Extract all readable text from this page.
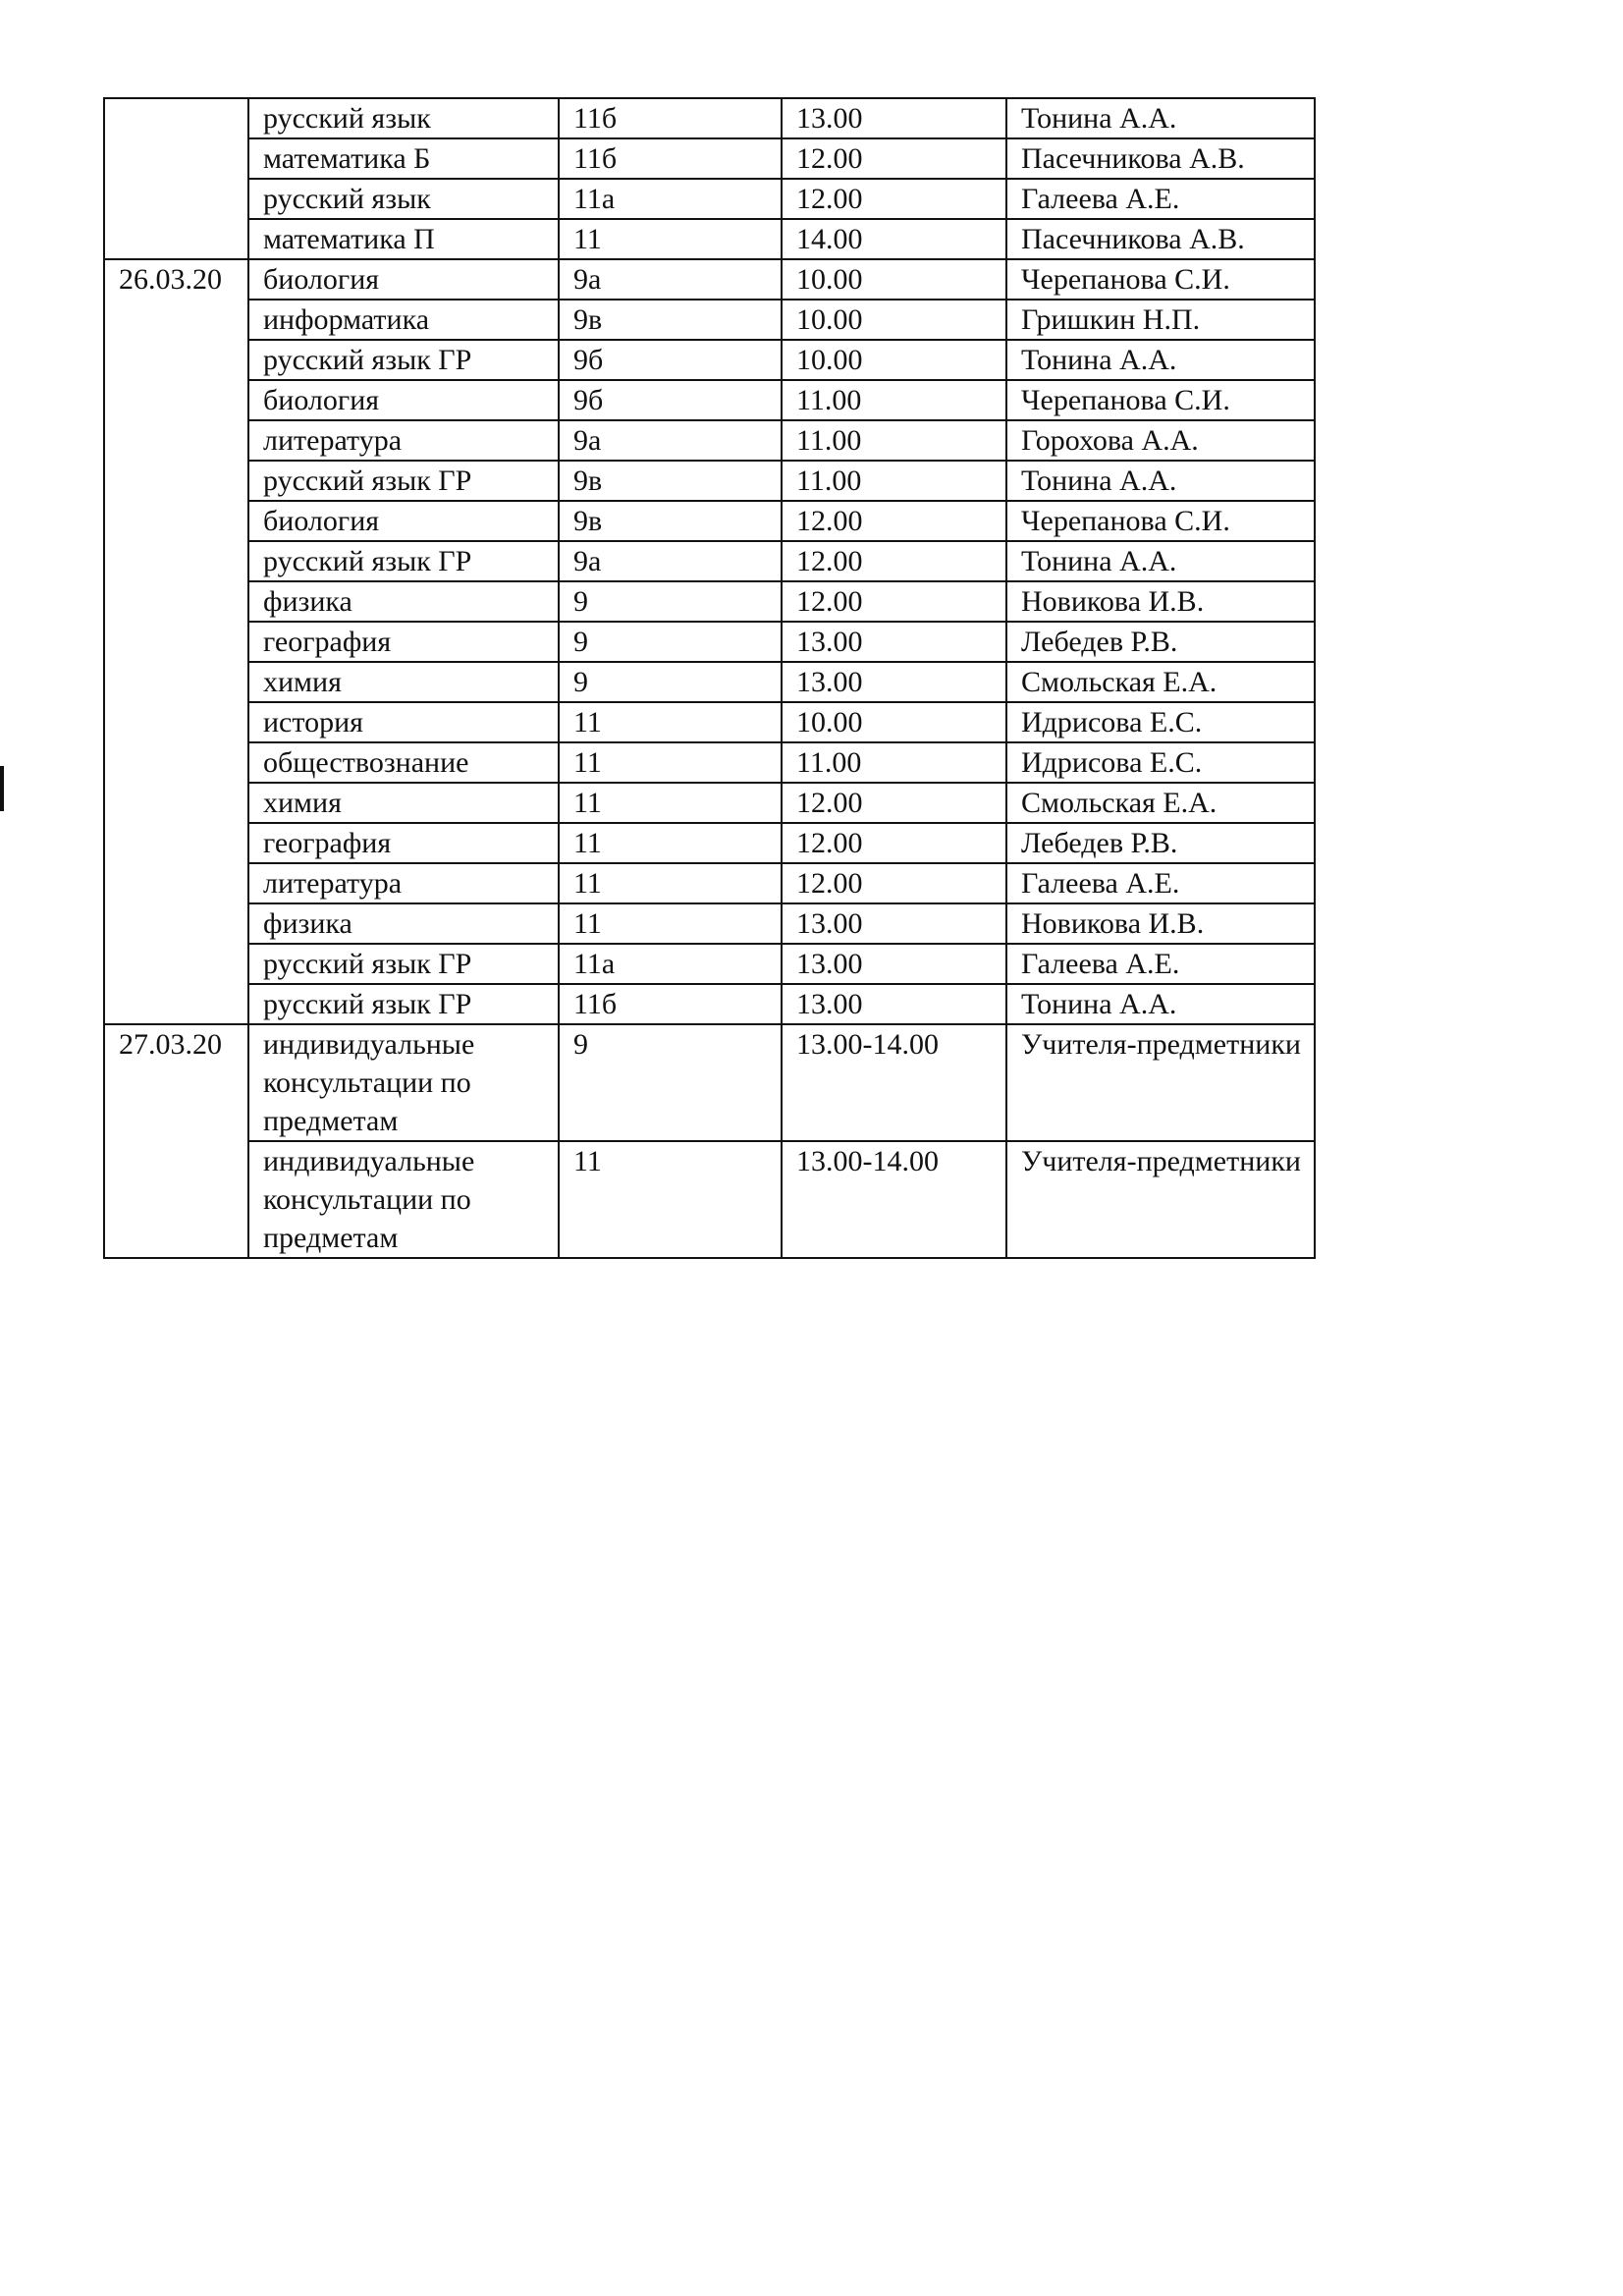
	русский язык	11б	13.00	Тонина А.А.
	математика Б	11б	12.00	Пасечникова А.В.
	русский язык	11а	12.00	Галеева А.Е.
	математика П	11	14.00	Пасечникова А.В.
26.03.20	биология	9а	10.00	Черепанова С.И.
	информатика	9в	10.00	Гришкин Н.П.
	русский язык ГР	9б	10.00	Тонина А.А.
	биология	9б	11.00	Черепанова С.И.
	литература	9а	11.00	Горохова А.А.
	русский язык ГР	9в	11.00	Тонина А.А.
	биология	9в	12.00	Черепанова С.И.
	русский язык ГР	9а	12.00	Тонина А.А.
	физика	9	12.00	Новикова И.В.
	география	9	13.00	Лебедев Р.В.
	химия	9	13.00	Смольская Е.А.
	история	11	10.00	Идрисова Е.С.
	обществознание	11	11.00	Идрисова Е.С.
	химия	11	12.00	Смольская Е.А.
	география	11	12.00	Лебедев Р.В.
	литература	11	12.00	Галеева А.Е.
	физика	11	13.00	Новикова И.В.
	русский язык ГР	11а	13.00	Галеева А.Е.
	русский язык ГР	11б	13.00	Тонина А.А.
27.03.20	индивидуальные консультации по предметам	9	13.00-14.00	Учителя-предметники
	индивидуальные консультации по предметам	11	13.00-14.00	Учителя-предметники
